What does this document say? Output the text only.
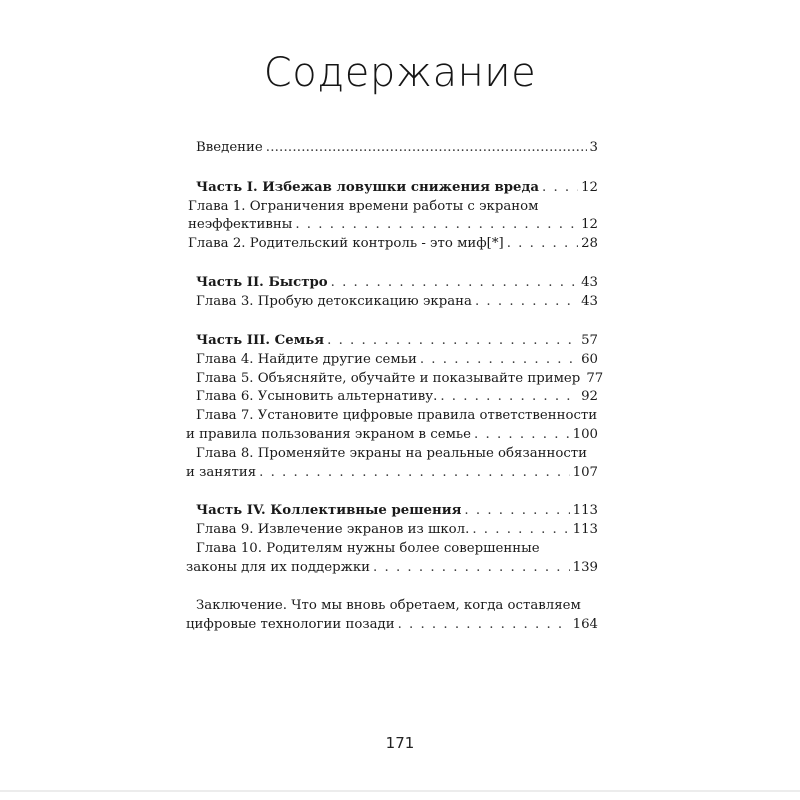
Содержание
Введение .....	3
Часть I. Избежав ловушки снижения вреда . . .	12
Глава 1. Ограничения времени работы с экраном
неэффективны . . .	12
Глава 2. Родительский контроль - это миф[*] . . .	28
Часть II. Быстро . . .	43
Глава 3. Пробую детоксикацию экрана . . .	43
Часть III. Семья . . .	57
Глава 4. Найдите другие семьи . . .	60
Глава 5. Объясняйте, обучайте и показывайте пример 77
Глава 6. Усыновить альтернативу. . . .	92
Глава 7. Установите цифровые правила ответственности
и правила пользования экраном в семье . . .	100
Глава 8. Променяйте экраны на реальные обязанности
и занятия . . .	107
Часть IV. Коллективные решения . . .	113
Глава 9. Извлечение экранов из школ. . . .	113
Глава 10. Родителям нужны более совершенные
законы для их поддержки . . .	139
Заключение. Что мы вновь обретаем, когда оставляем
цифровые технологии позади . . .	164
171
